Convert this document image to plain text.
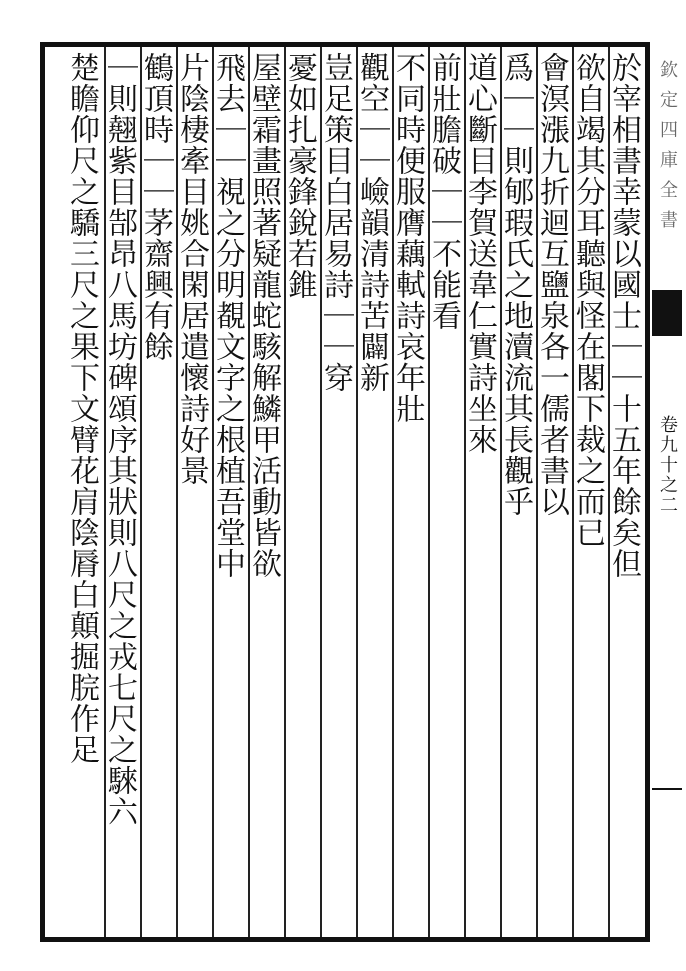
於宰相書幸蒙以國士｜｜十五年餘矣但
欲自竭其分耳聽與怪在閣下裁之而已
會溟漲九折迴互鹽泉各一儒者書以
爲｜｜則郇瑕氏之地瀆流其長觀乎
道心斷目李賀送韋仁實詩坐來
前壯膽破｜｜不能看
不同時便服膺藕軾詩哀年壯
觀空｜｜嶮韻清詩苦闢新
豈足策目白居易詩｜｜穿
憂如扎豪鋒銳若錐
屋壁霜畫照著疑龍蛇駭解鱗甲活動皆欲
飛去｜｜視之分明覩文字之根植吾堂中
片陰棲牽目姚合閑居遣懷詩好景
鶴頂時｜｜茅齋興有餘
｜則翹紫目郜昂八馬坊碑頌序其狀則八尺之戎七尺之騋六
楚瞻仰尺之驕三尺之果下文臂花肩陰脣白顛掘脘作足	欽定四庫全書
卷九十之二
